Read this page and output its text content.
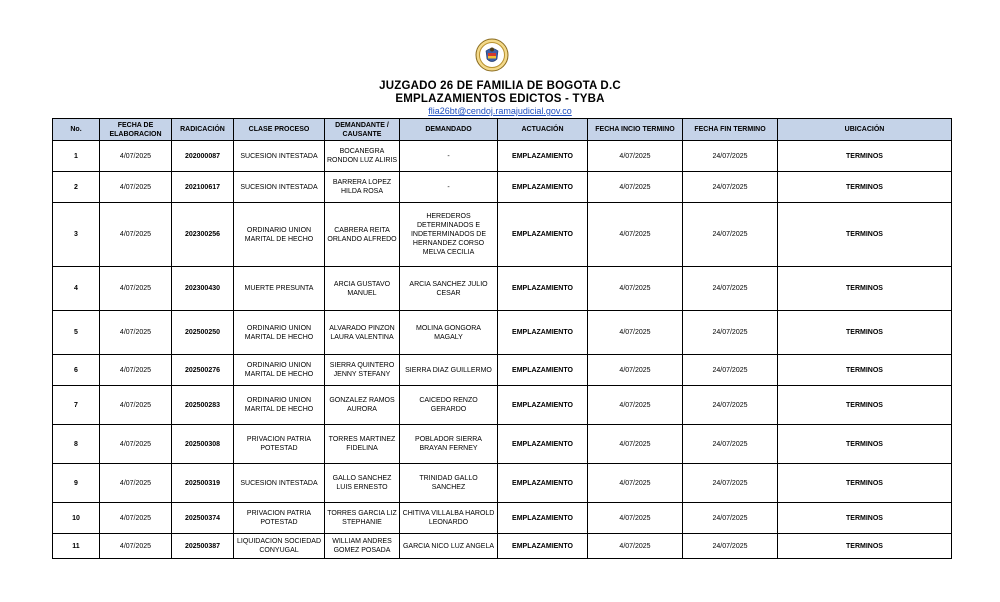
JUZGADO 26 DE FAMILIA DE BOGOTA D.C
EMPLAZAMIENTOS EDICTOS - TYBA
flia26bt@cendoj.ramajudicial.gov.co
No.	FECHA DE ELABORACION	RADICACIÓN	CLASE PROCESO	DEMANDANTE / CAUSANTE	DEMANDADO	ACTUACIÓN	FECHA INCIO TERMINO	FECHA FIN TERMINO	UBICACIÓN
1	4/07/2025	202000087	SUCESION INTESTADA	BOCANEGRA RONDON LUZ ALIRIS	-	EMPLAZAMIENTO	4/07/2025	24/07/2025	TERMINOS
2	4/07/2025	202100617	SUCESION INTESTADA	BARRERA LOPEZ HILDA ROSA	-	EMPLAZAMIENTO	4/07/2025	24/07/2025	TERMINOS
3	4/07/2025	202300256	ORDINARIO UNION MARITAL DE HECHO	CABRERA REITA ORLANDO ALFREDO	HEREDEROS DETERMINADOS E INDETERMINADOS DE HERNANDEZ CORSO MELVA CECILIA	EMPLAZAMIENTO	4/07/2025	24/07/2025	TERMINOS
4	4/07/2025	202300430	MUERTE PRESUNTA	ARCIA GUSTAVO MANUEL	ARCIA SANCHEZ JULIO CESAR	EMPLAZAMIENTO	4/07/2025	24/07/2025	TERMINOS
5	4/07/2025	202500250	ORDINARIO UNION MARITAL DE HECHO	ALVARADO PINZON LAURA VALENTINA	MOLINA GONGORA MAGALY	EMPLAZAMIENTO	4/07/2025	24/07/2025	TERMINOS
6	4/07/2025	202500276	ORDINARIO UNION MARITAL DE HECHO	SIERRA QUINTERO JENNY STEFANY	SIERRA DIAZ GUILLERMO	EMPLAZAMIENTO	4/07/2025	24/07/2025	TERMINOS
7	4/07/2025	202500283	ORDINARIO UNION MARITAL DE HECHO	GONZALEZ RAMOS AURORA	CAICEDO RENZO GERARDO	EMPLAZAMIENTO	4/07/2025	24/07/2025	TERMINOS
8	4/07/2025	202500308	PRIVACION PATRIA POTESTAD	TORRES MARTINEZ FIDELINA	POBLADOR SIERRA BRAYAN FERNEY	EMPLAZAMIENTO	4/07/2025	24/07/2025	TERMINOS
9	4/07/2025	202500319	SUCESION INTESTADA	GALLO SANCHEZ LUIS ERNESTO	TRINIDAD GALLO SANCHEZ	EMPLAZAMIENTO	4/07/2025	24/07/2025	TERMINOS
10	4/07/2025	202500374	PRIVACION PATRIA POTESTAD	TORRES GARCIA LIZ STEPHANIE	CHITIVA VILLALBA HAROLD LEONARDO	EMPLAZAMIENTO	4/07/2025	24/07/2025	TERMINOS
11	4/07/2025	202500387	LIQUIDACION SOCIEDAD CONYUGAL	WILLIAM ANDRES GOMEZ POSADA	GARCIA NICO LUZ ANGELA	EMPLAZAMIENTO	4/07/2025	24/07/2025	TERMINOS
